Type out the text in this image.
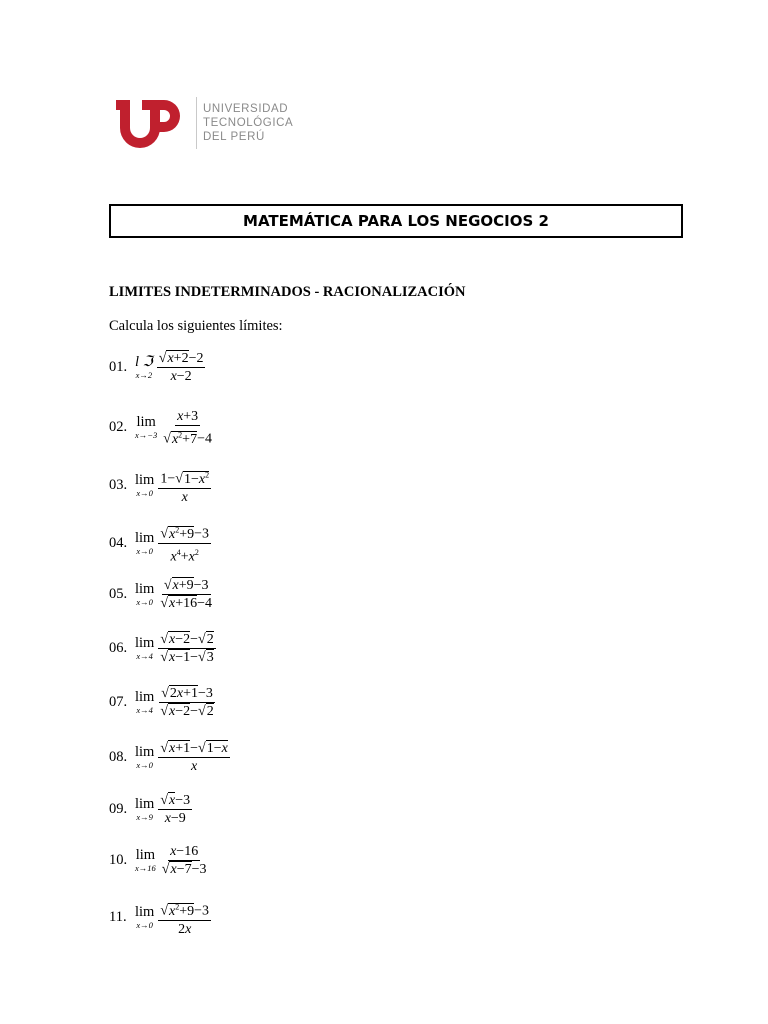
UNIVERSIDAD
TECNOLÓGICA
DEL PERÚ
MATEMÁTICA PARA LOS NEGOCIOS 2
LIMITES INDETERMINADOS - RACIONALIZACIÓN
Calcula los siguientes límites:
01. l ℑ
$x\to 2 \frac{√x+2-2}{x-2}$
02. lim
$x\to-3 \frac{x+3}{√x^2+7-4}$
03. lim
$x\to 0 \frac{1-√1-x^2}{x}$
04. lim
$x\to 0 \frac{√x^2+9-3}{x^4+x^2}$
05. lim
$x\to 0 \frac{√x+9-3}{√x+16-4}$
06. lim
$x\to 4 \frac{√x-2-√2}{√x-1-√3}$
07. lim
$x\to 4 \frac{√2x+1-3}{√x-2-√2}$
08. lim
$x\to 0 \frac{√x+1-√1-x}{x}$
09. lim
$x\to 9 \frac{√x-3}{x-9}$
10. lim
$x\to 16 \frac{x-16}{√x-7-3}$
11. lim
$x\to 0 \frac{√x^2+9-3}{2x}$
